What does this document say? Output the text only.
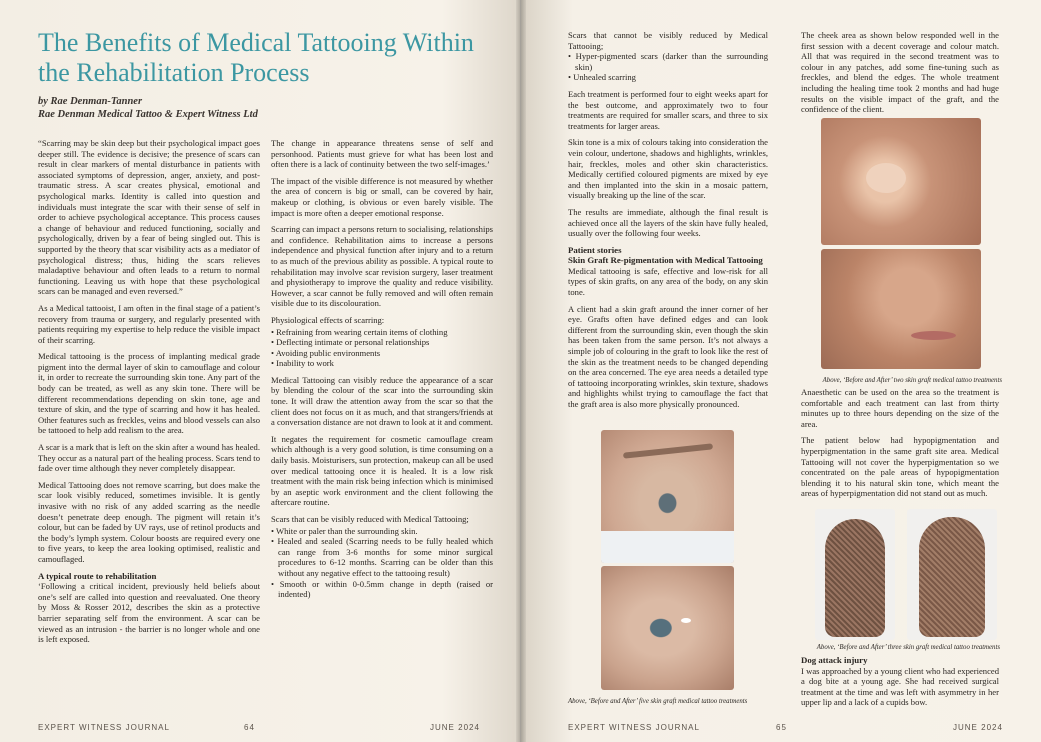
The Benefits of Medical Tattooing Within the Rehabilitation Process
by Rae Denman-Tanner
Rae Denman Medical Tattoo & Expert Witness Ltd

“Scarring may be skin deep but their psychological impact goes deeper still. The evidence is decisive; the presence of scars can result in clear markers of mental disturbance in patients with associated symptoms of depression, anger, anxiety, and post-traumatic stress. A scar creates physical, emotional and psychological marks. Identity is called into question and individuals must integrate the scar with their sense of self in order to achieve psychological acceptance. This process causes a change of behaviour and reduced functioning, socially and psychologically, driven by a fear of being singled out. This is supported by the theory that scar visibility acts as a mediator of psychological distress; thus, hiding the scars relieves maladaptive behaviour and often leads to a return to normal functioning. Leaving us with hope that these psychological scars can be managed and even reversed.”

As a Medical tattooist, I am often in the final stage of a patient’s recovery from trauma or surgery, and regularly presented with patients requiring my expertise to help reduce the visible impact of their scarring.

Medical tattooing is the process of implanting medical grade pigment into the dermal layer of skin to camouflage and colour it, in order to recreate the surrounding skin tone. Any part of the body can be treated, as well as any skin tone. There will be different recommendations depending on skin tone, age and texture of skin, and the type of scarring and how it has healed. Other features such as freckles, veins and blood vessels can also be tattooed to help add realism to the area.

A scar is a mark that is left on the skin after a wound has healed. They occur as a natural part of the healing process. Scars tend to fade over time although they never completely disappear.

Medical Tattooing does not remove scarring, but does make the scar look visibly reduced, sometimes invisible. It is gently invasive with no risk of any added scarring as the needle doesn’t penetrate deep enough. The pigment will retain it’s colour, but can be faded by UV rays, use of retinol products and the body’s lymph system. Colour boosts are required every one to five years, to keep the area looking optimised, realistic and camouflaged.

A typical route to rehabilitation

‘Following a critical incident, previously held beliefs about one’s self are called into question and reevaluated. One theory by Moss & Rosser 2012, describes the skin as a protective barrier separating self from the environment. A scar can be viewed as an intrusion - the barrier is no longer whole and one is left exposed.

The change in appearance threatens sense of self and personhood. Patients must grieve for what has been lost and often there is a lack of continuity between the two self-images.’

The impact of the visible difference is not measured by whether the area of concern is big or small, can be covered by hair, makeup or clothing, is obvious or even barely visible. The impact is more often a deeper emotional response.

Scarring can impact a persons return to socialising, relationships and confidence. Rehabilitation aims to increase a persons independence and physical function after injury and to a return to as much of the previous ability as possible. A typical route to rehabilitation may involve scar revision surgery, laser treatment and physiotherapy to improve the quality and reduce visibility. However, a scar cannot be fully removed and will often remain visible due to its discolouration.

Physiological effects of scarring:

• Refraining from wearing certain items of clothing
• Deflecting intimate or personal relationships
• Avoiding public environments
• Inability to work

Medical Tattooing can visibly reduce the appearance of a scar by blending the colour of the scar into the surrounding skin tone. It will draw the attention away from the scar so that the client does not focus on it as much, and that strangers/friends at a conversation distance are not drawn to look at it and comment.

It negates the requirement for cosmetic camouflage cream which although is a very good solution, is time consuming on a daily basis. Moisturisers, sun protection, makeup can all be used over medical tattooing once it is healed. It is a low risk treatment with the main risk being infection which is minimised by an aseptic work environment and the client following the aftercare routine.

Scars that can be visibly reduced with Medical Tattooing;

• White or paler than the surrounding skin.
• Healed and sealed (Scarring needs to be fully healed which can range from 3-6 months for some minor surgical procedures to 6-12 months. Scarring can be older than this without any negative effect to the tattooing result)
• Smooth or within 0-0.5mm change in depth (raised or indented)
EXPERT WITNESS JOURNAL	64	JUNE 2024

Scars that cannot be visibly reduced by Medical Tattooing;

• Hyper-pigmented scars (darker than the surrounding skin)
• Unhealed scarring

Each treatment is performed four to eight weeks apart for the best outcome, and approximately two to four treatments are required for smaller scars, and three to six treatments for larger areas.

Skin tone is a mix of colours taking into consideration the vein colour, undertone, shadows and highlights, wrinkles, hair, freckles, moles and other skin characteristics. Medically certified coloured pigments are mixed by eye and then implanted into the skin in a mosaic pattern, visually breaking up the line of the scar.

The results are immediate, although the final result is achieved once all the layers of the skin have fully healed, usually over the following four weeks.

Patient stories
Skin Graft Re-pigmentation with Medical Tattooing

Medical tattooing is safe, effective and low-risk for all types of skin grafts, on any area of the body, on any skin tone.

A client had a skin graft around the inner corner of her eye. Grafts often have defined edges and can look different from the surrounding skin, even though the skin has been taken from the same person. It’s not always a simple job of colouring in the graft to look like the rest of the skin as the treatment needs to be changed depending on the area concerned. The eye area needs a detailed type of tattooing incorporating wrinkles, skin texture, shadows and highlights whilst trying to camouflage the fact that the graft area is also more physically pronounced.

Above, ‘Before and After’ five skin graft medical tattoo treatments

The cheek area as shown below responded well in the first session with a decent coverage and colour match. All that was required in the second treatment was to colour in any patches, add some fine-tuning such as freckles, and blend the edges. The whole treatment including the healing time took 2 months and had huge results on the visible impact of the graft, and the confidence of the client.

Above, ‘Before and After’ two skin graft medical tattoo treatments

Anaesthetic can be used on the area so the treatment is comfortable and each treatment can last from thirty minutes up to three hours depending on the size of the area.

The patient below had hypopigmentation and hyperpigmentation in the same graft site area. Medical Tattooing will not cover the hyperpigmentation so we concentrated on the pale areas of hypopigmentation blending it to his natural skin tone, which meant the areas of hyperpigmentation did not stand out as much.

Above, ‘Before and After’ three skin graft medical tattoo treatments
Dog attack injury

I was approached by a young client who had experienced a dog bite at a young age. She had received surgical treatment at the time and was left with asymmetry in her upper lip and a lack of a cupids bow.

EXPERT WITNESS JOURNAL	65	JUNE 2024
